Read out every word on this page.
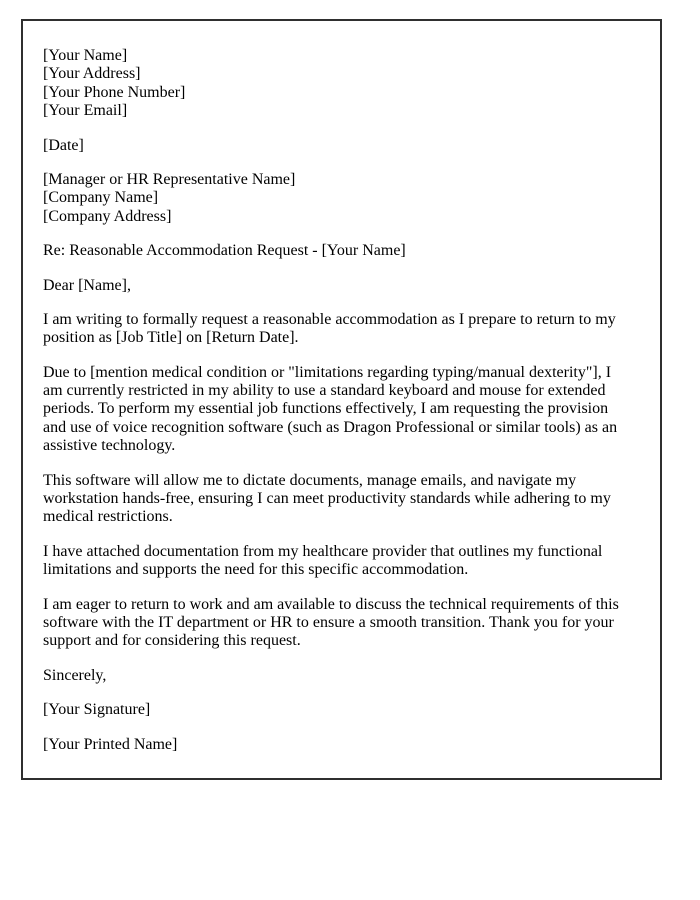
[Your Name]
[Your Address]
[Your Phone Number]
[Your Email]

[Date]

[Manager or HR Representative Name]
[Company Name]
[Company Address]

Re: Reasonable Accommodation Request - [Your Name]

Dear [Name],

I am writing to formally request a reasonable accommodation as I prepare to return to my position as [Job Title] on [Return Date].

Due to [mention medical condition or "limitations regarding typing/manual dexterity"], I am currently restricted in my ability to use a standard keyboard and mouse for extended periods. To perform my essential job functions effectively, I am requesting the provision and use of voice recognition software (such as Dragon Professional or similar tools) as an assistive technology.

This software will allow me to dictate documents, manage emails, and navigate my workstation hands-free, ensuring I can meet productivity standards while adhering to my medical restrictions.

I have attached documentation from my healthcare provider that outlines my functional limitations and supports the need for this specific accommodation.

I am eager to return to work and am available to discuss the technical requirements of this software with the IT department or HR to ensure a smooth transition. Thank you for your support and for considering this request.

Sincerely,

[Your Signature]

[Your Printed Name]
